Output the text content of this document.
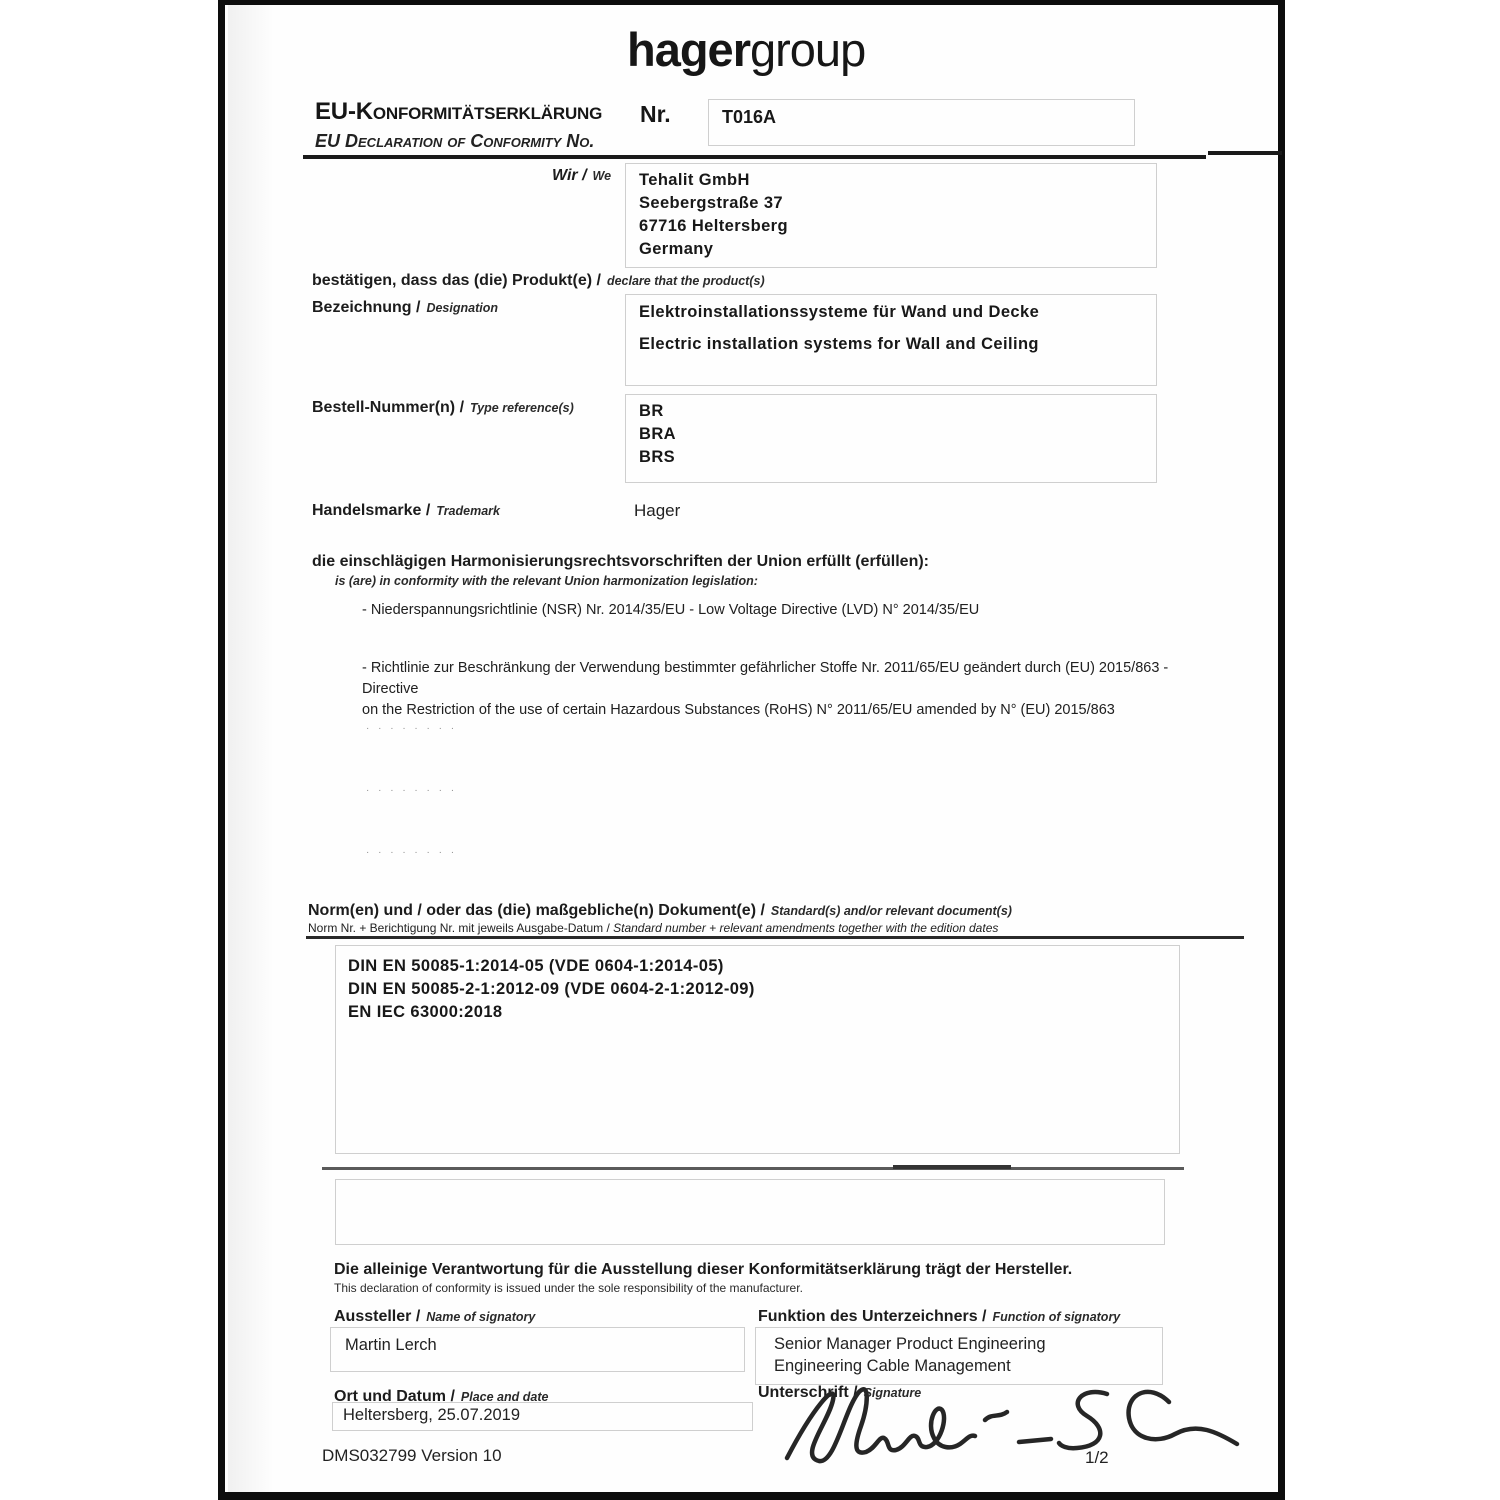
hagergroup
EU-Konformitätserklärung Nr.	T016A
EU Declaration of Conformity No.
Wir / We Tehalit GmbH
Seebergstraße 37
67716 Heltersberg
Germany
bestätigen, dass das (die) Produkt(e) / declare that the product(s)
Bezeichnung / Designation	Elektroinstallationssysteme für Wand und Decke
Electric installation systems for Wall and Ceiling
Bestell-Nummer(n) / Type reference(s)	BR
BRA
BRS
Handelsmarke / Trademark	Hager
die einschlägigen Harmonisierungsrechtsvorschriften der Union erfüllt (erfüllen):
is (are) in conformity with the relevant Union harmonization legislation:
- Niederspannungsrichtlinie (NSR) Nr. 2014/35/EU - Low Voltage Directive (LVD) N° 2014/35/EU
- Richtlinie zur Beschränkung der Verwendung bestimmter gefährlicher Stoffe Nr. 2011/65/EU geändert durch (EU) 2015/863 - Directive
on the Restriction of the use of certain Hazardous Substances (RoHS) N° 2011/65/EU amended by N° (EU) 2015/863
· · · · · · · ·
· · · · · · · ·
· · · · · · · ·
Norm(en) und / oder das (die) maßgebliche(n) Dokument(e) / Standard(s) and/or relevant document(s)
Norm Nr. + Berichtigung Nr. mit jeweils Ausgabe-Datum / Standard number + relevant amendments together with the edition dates
DIN EN 50085-1:2014-05 (VDE 0604-1:2014-05)
DIN EN 50085-2-1:2012-09 (VDE 0604-2-1:2012-09)
EN IEC 63000:2018
Die alleinige Verantwortung für die Ausstellung dieser Konformitätserklärung trägt der Hersteller.
This declaration of conformity is issued under the sole responsibility of the manufacturer.
Aussteller / Name of signatory
Martin Lerch
Funktion des Unterzeichners / Function of signatory
Senior Manager Product Engineering
Engineering Cable Management
Ort und Datum / Place and date
Heltersberg, 25.07.2019
Unterschrift / Signature
DMS032799 Version 10	1/2
